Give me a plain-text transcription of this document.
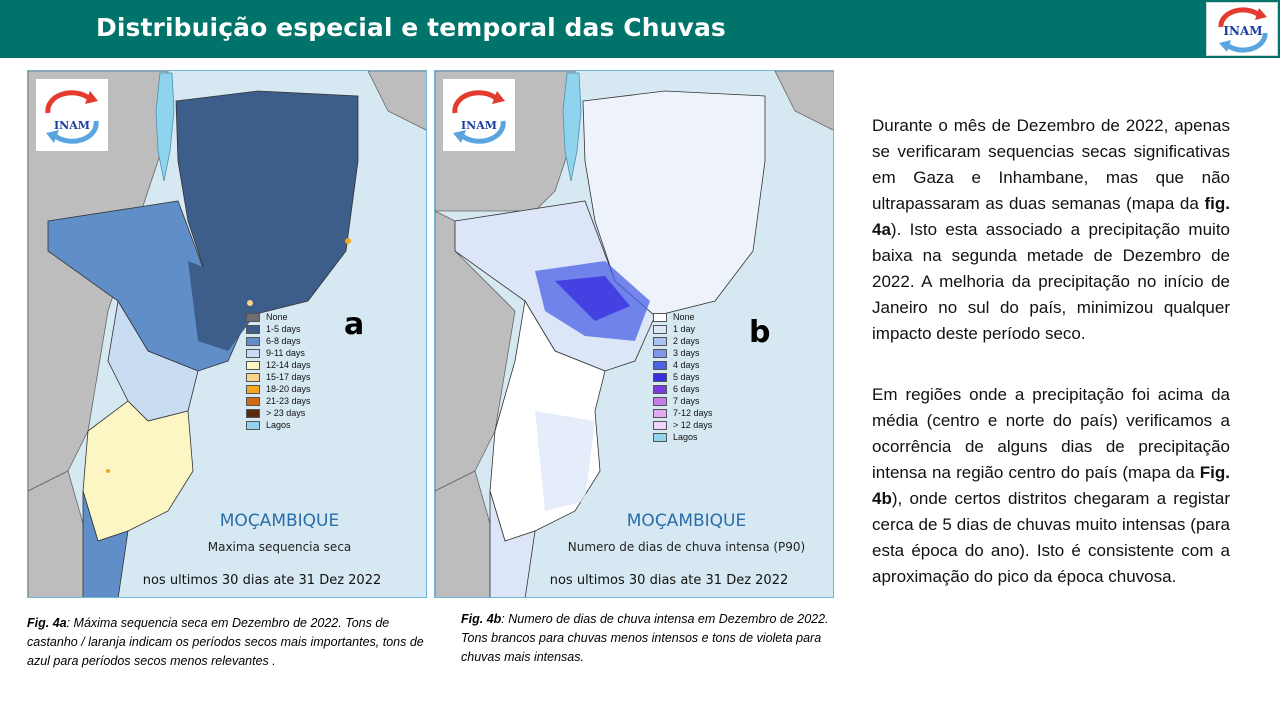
Distribuição especial e temporal das Chuvas	INAM
INAM
a
None
1-5 days
6-8 days
9-11 days
12-14 days
15-17 days
18-20 days
21-23 days
> 23 days
Lagos
MOÇAMBIQUE
Maxima sequencia seca
nos ultimos 30 dias ate 31 Dez 2022
INAM
b
None
1 day
2 days
3 days
4 days
5 days
6 days
7 days
7-12 days
> 12 days
Lagos
MOÇAMBIQUE
Numero de dias de chuva intensa (P90)
nos ultimos 30 dias ate 31 Dez 2022
Fig. 4a: Máxima sequencia seca em Dezembro de 2022. Tons de castanho / laranja indicam os períodos secos mais importantes, tons de azul para períodos secos menos relevantes .
Fig. 4b: Numero de dias de chuva intensa em Dezembro de 2022. Tons brancos para chuvas menos intensos e tons de violeta para chuvas mais intensas.
Durante o mês de Dezembro de 2022, apenas se verificaram sequencias secas significativas em Gaza e Inhambane, mas que não ultrapassaram as duas semanas (mapa da fig. 4a). Isto esta associado a precipitação muito baixa na segunda metade de Dezembro de 2022. A melhoria da precipitação no início de Janeiro no sul do país, minimizou qualquer impacto deste período seco.
Em regiões onde a precipitação foi acima da média (centro e norte do país) verificamos a ocorrência de alguns dias de precipitação intensa na região centro do país (mapa da Fig. 4b), onde certos distritos chegaram a registar cerca de 5 dias de chuvas muito intensas (para esta época do ano). Isto é consistente com a aproximação do pico da época chuvosa.
